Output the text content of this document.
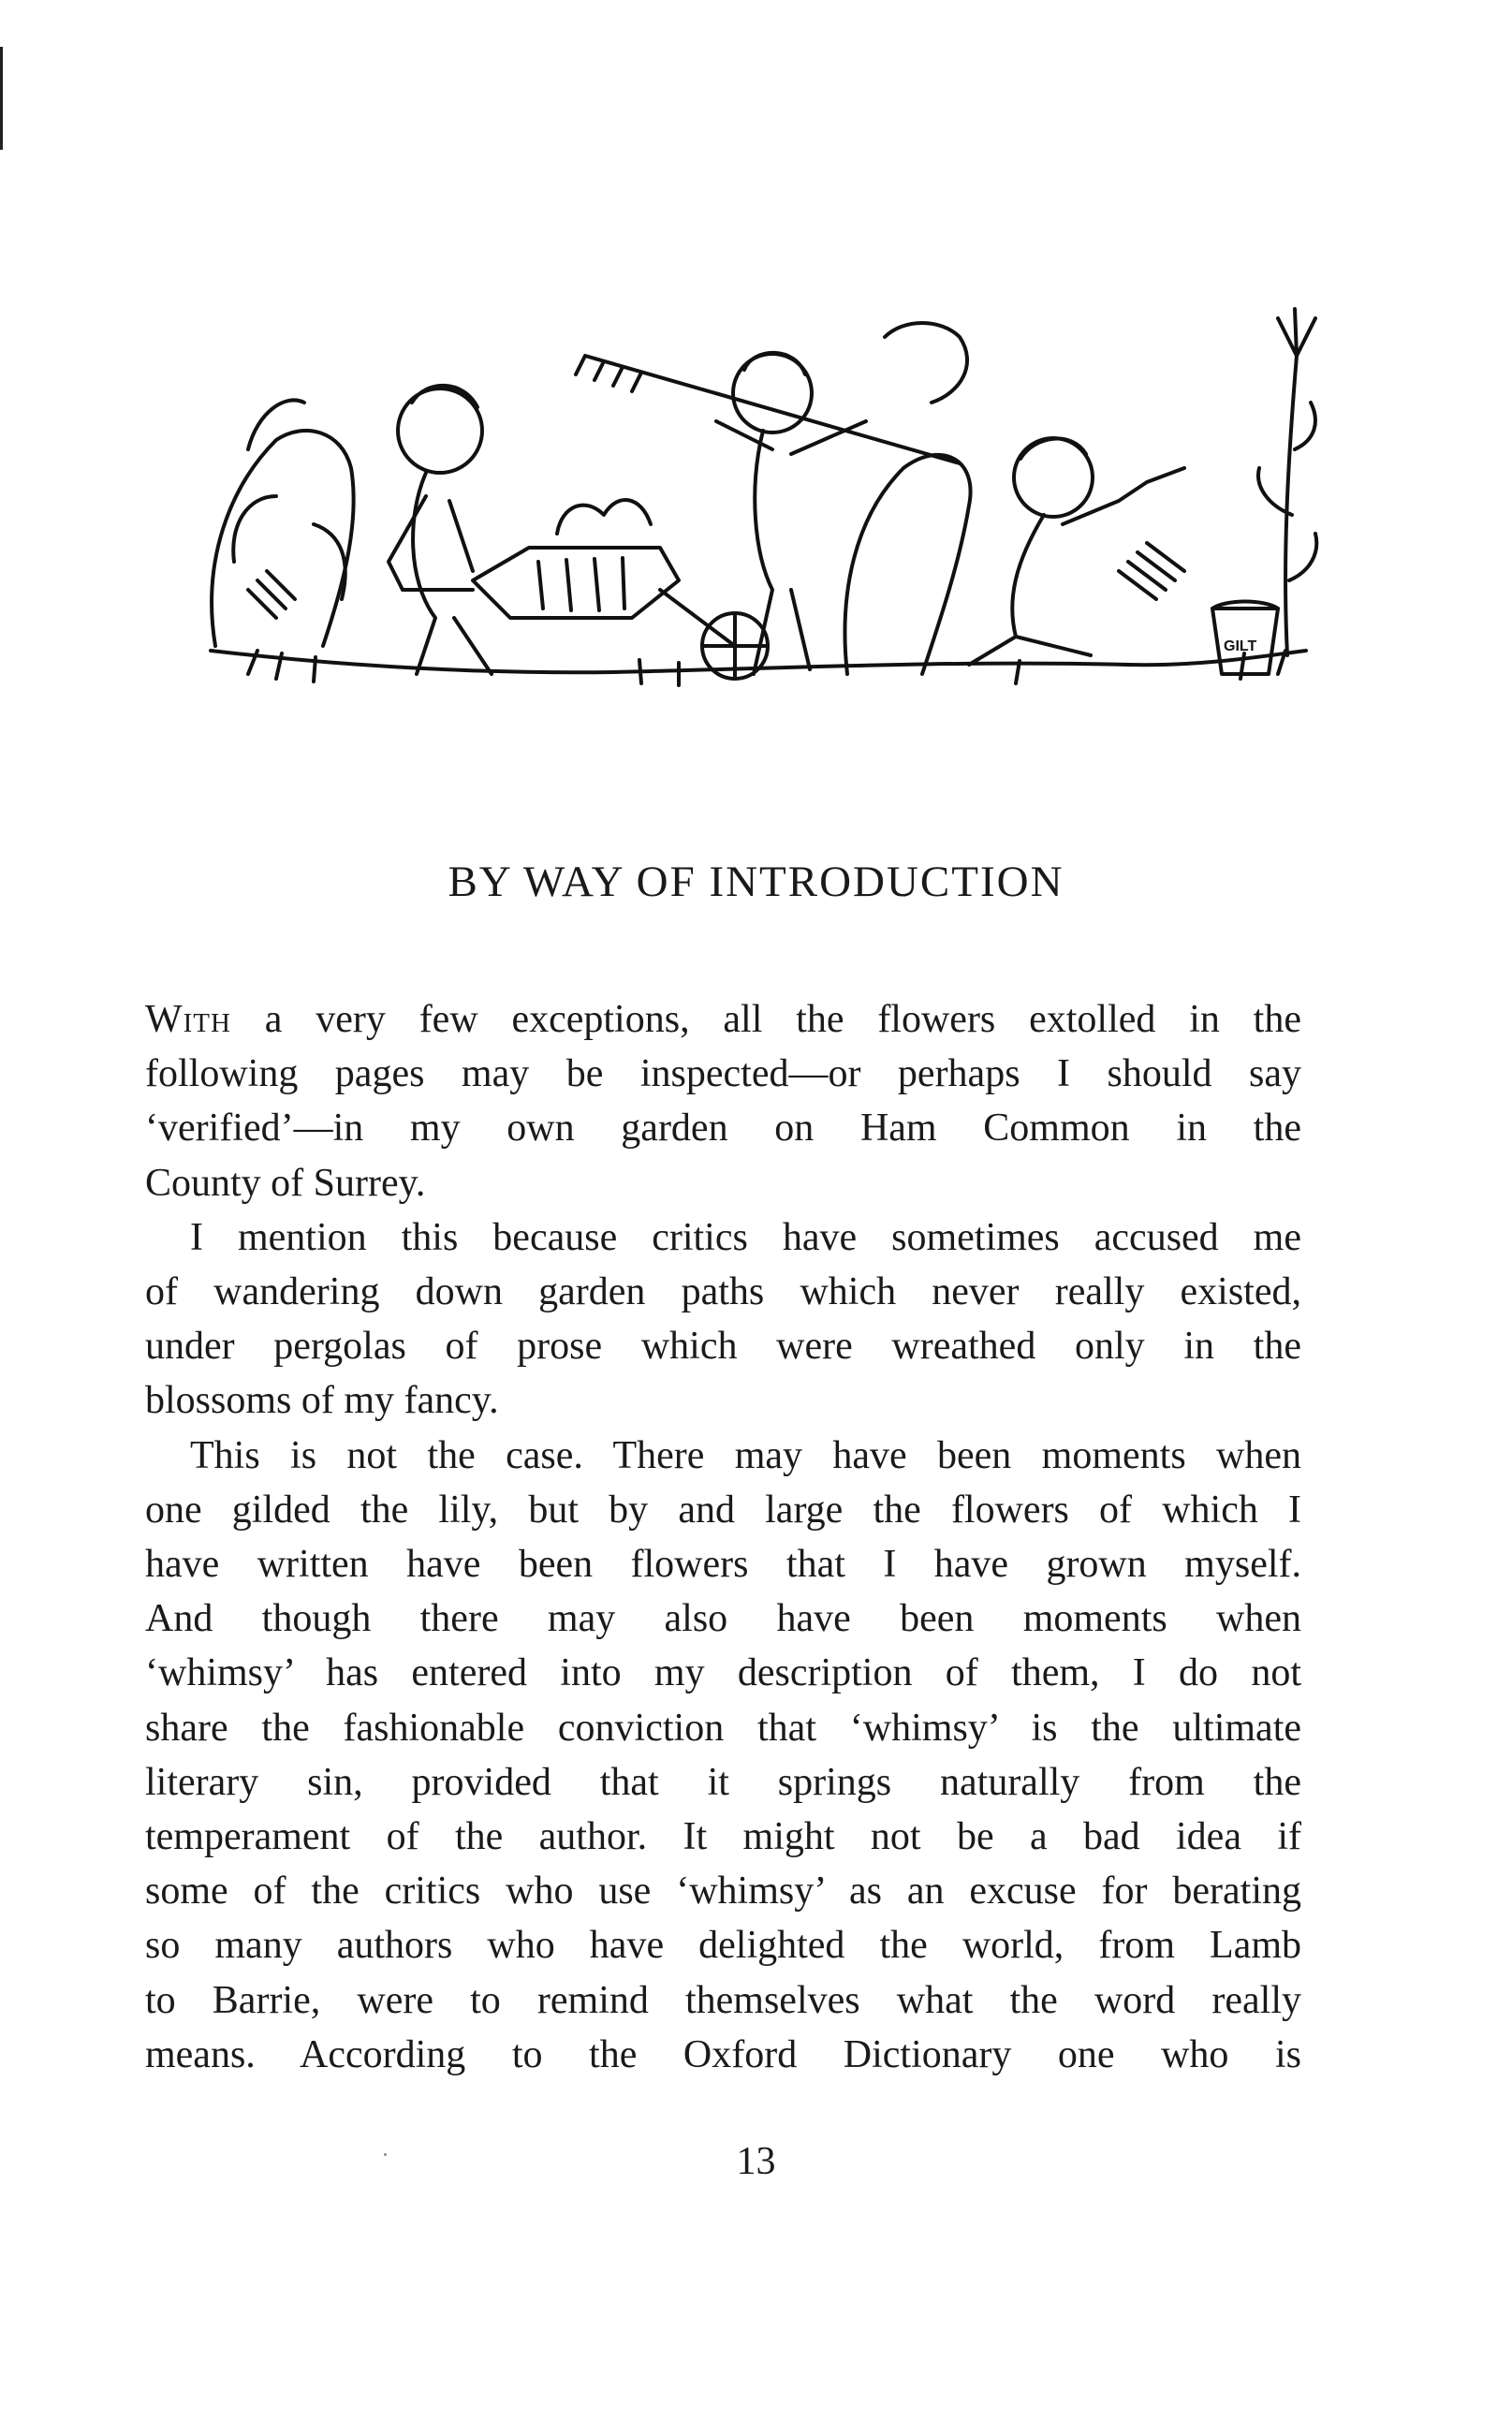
GILT
BY WAY OF INTRODUCTION

With a very few exceptions, all the flowers extolled in the

following pages may be inspected—or perhaps I should say

‘verified’—in my own garden on Ham Common in the

County of Surrey.

I mention this because critics have sometimes accused me

of wandering down garden paths which never really existed,

under pergolas of prose which were wreathed only in the

blossoms of my fancy.

This is not the case. There may have been moments when

one gilded the lily, but by and large the flowers of which I

have written have been flowers that I have grown myself.

And though there may also have been moments when

‘whimsy’ has entered into my description of them, I do not

share the fashionable conviction that ‘whimsy’ is the ultimate

literary sin, provided that it springs naturally from the

temperament of the author. It might not be a bad idea if

some of the critics who use ‘whimsy’ as an excuse for berating

so many authors who have delighted the world, from Lamb

to Barrie, were to remind themselves what the word really

means. According to the Oxford Dictionary one who is

13
